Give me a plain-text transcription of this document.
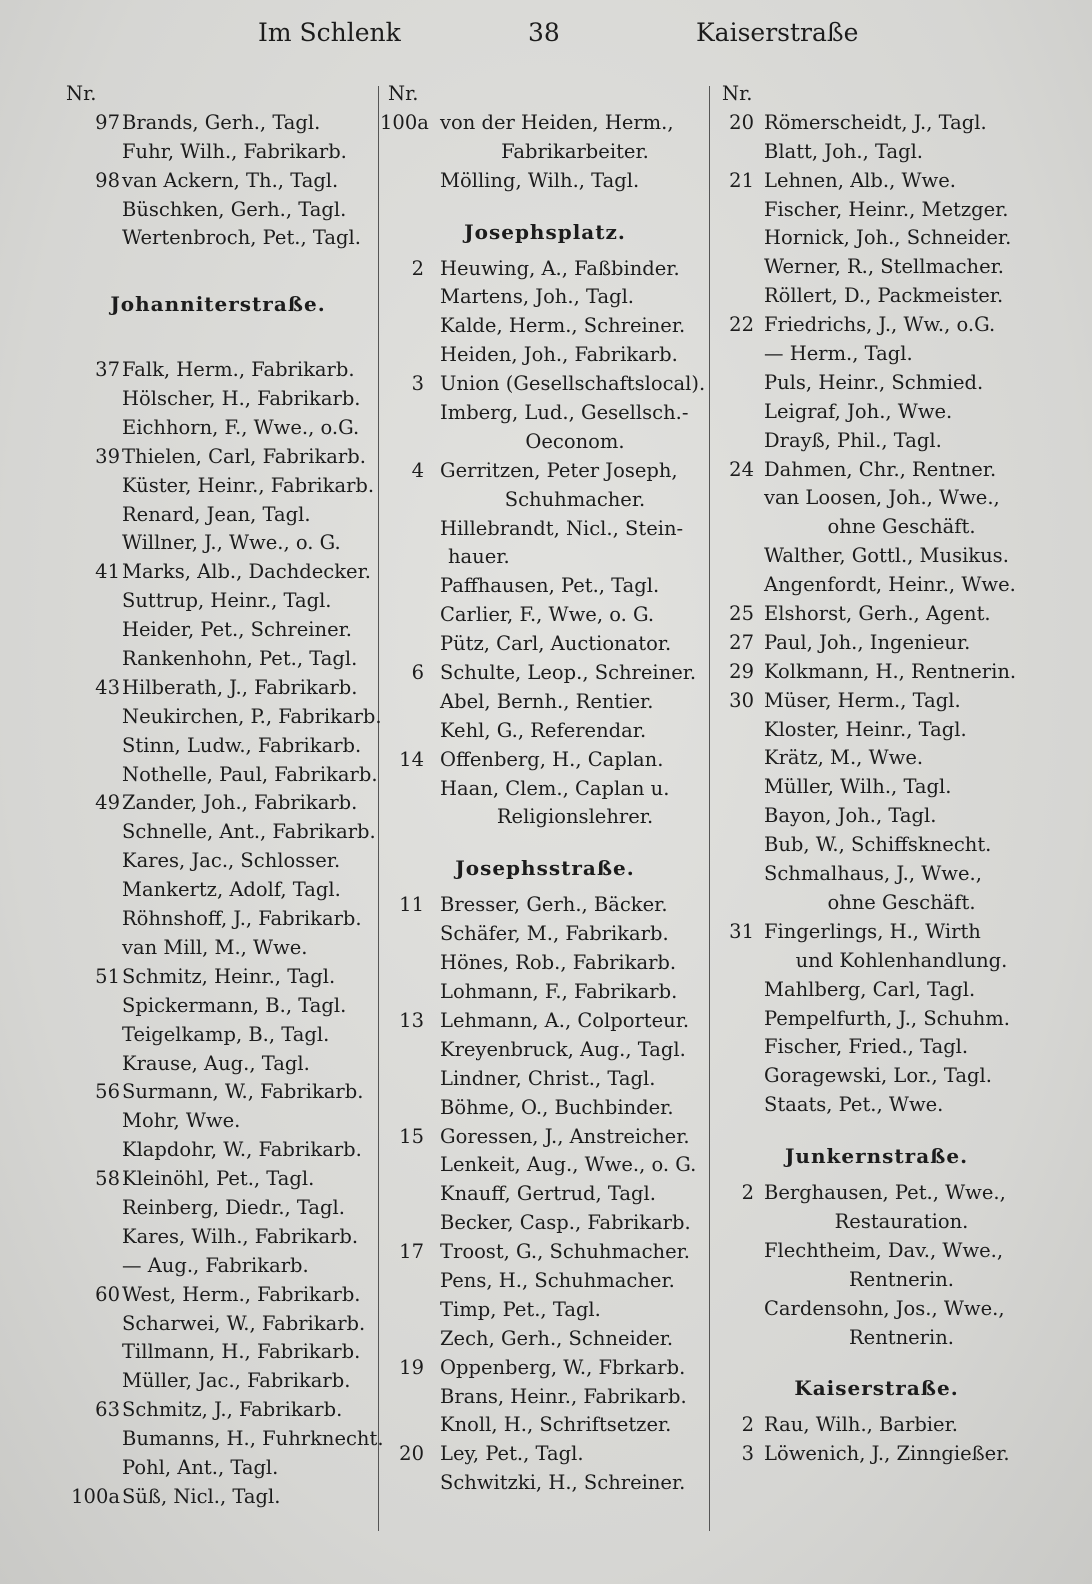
Im Schlenk	38	Kaiserstraße
Nr.
97 Brands, Gerh., Tagl.
Fuhr, Wilh., Fabrikarb.
98 van Ackern, Th., Tagl.
Büschken, Gerh., Tagl.
Wertenbroch, Pet., Tagl.
Johanniterstraße.
37 Falk, Herm., Fabrikarb.
Hölscher, H., Fabrikarb.
Eichhorn, F., Wwe., o.G.
39 Thielen, Carl, Fabrikarb.
Küster, Heinr., Fabrikarb.
Renard, Jean, Tagl.
Willner, J., Wwe., o. G.
41 Marks, Alb., Dachdecker.
Suttrup, Heinr., Tagl.
Heider, Pet., Schreiner.
Rankenhohn, Pet., Tagl.
43 Hilberath, J., Fabrikarb.
Neukirchen, P., Fabrikarb.
Stinn, Ludw., Fabrikarb.
Nothelle, Paul, Fabrikarb.
49 Zander, Joh., Fabrikarb.
Schnelle, Ant., Fabrikarb.
Kares, Jac., Schlosser.
Mankertz, Adolf, Tagl.
Röhnshoff, J., Fabrikarb.
van Mill, M., Wwe.
51 Schmitz, Heinr., Tagl.
Spickermann, B., Tagl.
Teigelkamp, B., Tagl.
Krause, Aug., Tagl.
56 Surmann, W., Fabrikarb.
Mohr, Wwe.
Klapdohr, W., Fabrikarb.
58 Kleinöhl, Pet., Tagl.
Reinberg, Diedr., Tagl.
Kares, Wilh., Fabrikarb.
— Aug., Fabrikarb.
60 West, Herm., Fabrikarb.
Scharwei, W., Fabrikarb.
Tillmann, H., Fabrikarb.
Müller, Jac., Fabrikarb.
63 Schmitz, J., Fabrikarb.
Bumanns, H., Fuhrknecht.
Pohl, Ant., Tagl.
100a Süß, Nicl., Tagl.
Nr.
100a von der Heiden, Herm.,
Fabrikarbeiter.
Mölling, Wilh., Tagl.
Josephsplatz.
2 Heuwing, A., Faßbinder.
Martens, Joh., Tagl.
Kalde, Herm., Schreiner.
Heiden, Joh., Fabrikarb.
3 Union (Gesellschaftslocal).
Imberg, Lud., Gesellsch.-
Oeconom.
4 Gerritzen, Peter Joseph,
Schuhmacher.
Hillebrandt, Nicl., Stein-
hauer.
Paffhausen, Pet., Tagl.
Carlier, F., Wwe, o. G.
Pütz, Carl, Auctionator.
6 Schulte, Leop., Schreiner.
Abel, Bernh., Rentier.
Kehl, G., Referendar.
14 Offenberg, H., Caplan.
Haan, Clem., Caplan u.
Religionslehrer.
Josephsstraße.
11 Bresser, Gerh., Bäcker.
Schäfer, M., Fabrikarb.
Hönes, Rob., Fabrikarb.
Lohmann, F., Fabrikarb.
13 Lehmann, A., Colporteur.
Kreyenbruck, Aug., Tagl.
Lindner, Christ., Tagl.
Böhme, O., Buchbinder.
15 Goressen, J., Anstreicher.
Lenkeit, Aug., Wwe., o. G.
Knauff, Gertrud, Tagl.
Becker, Casp., Fabrikarb.
17 Troost, G., Schuhmacher.
Pens, H., Schuhmacher.
Timp, Pet., Tagl.
Zech, Gerh., Schneider.
19 Oppenberg, W., Fbrkarb.
Brans, Heinr., Fabrikarb.
Knoll, H., Schriftsetzer.
20 Ley, Pet., Tagl.
Schwitzki, H., Schreiner.
Nr.
20 Römerscheidt, J., Tagl.
Blatt, Joh., Tagl.
21 Lehnen, Alb., Wwe.
Fischer, Heinr., Metzger.
Hornick, Joh., Schneider.
Werner, R., Stellmacher.
Röllert, D., Packmeister.
22 Friedrichs, J., Ww., o.G.
— Herm., Tagl.
Puls, Heinr., Schmied.
Leigraf, Joh., Wwe.
Drayß, Phil., Tagl.
24 Dahmen, Chr., Rentner.
van Loosen, Joh., Wwe.,
ohne Geschäft.
Walther, Gottl., Musikus.
Angenfordt, Heinr., Wwe.
25 Elshorst, Gerh., Agent.
27 Paul, Joh., Ingenieur.
29 Kolkmann, H., Rentnerin.
30 Müser, Herm., Tagl.
Kloster, Heinr., Tagl.
Krätz, M., Wwe.
Müller, Wilh., Tagl.
Bayon, Joh., Tagl.
Bub, W., Schiffsknecht.
Schmalhaus, J., Wwe.,
ohne Geschäft.
31 Fingerlings, H., Wirth
und Kohlenhandlung.
Mahlberg, Carl, Tagl.
Pempelfurth, J., Schuhm.
Fischer, Fried., Tagl.
Goragewski, Lor., Tagl.
Staats, Pet., Wwe.
Junkernstraße.
2 Berghausen, Pet., Wwe.,
Restauration.
Flechtheim, Dav., Wwe.,
Rentnerin.
Cardensohn, Jos., Wwe.,
Rentnerin.
Kaiserstraße.
2 Rau, Wilh., Barbier.
3 Löwenich, J., Zinngießer.
